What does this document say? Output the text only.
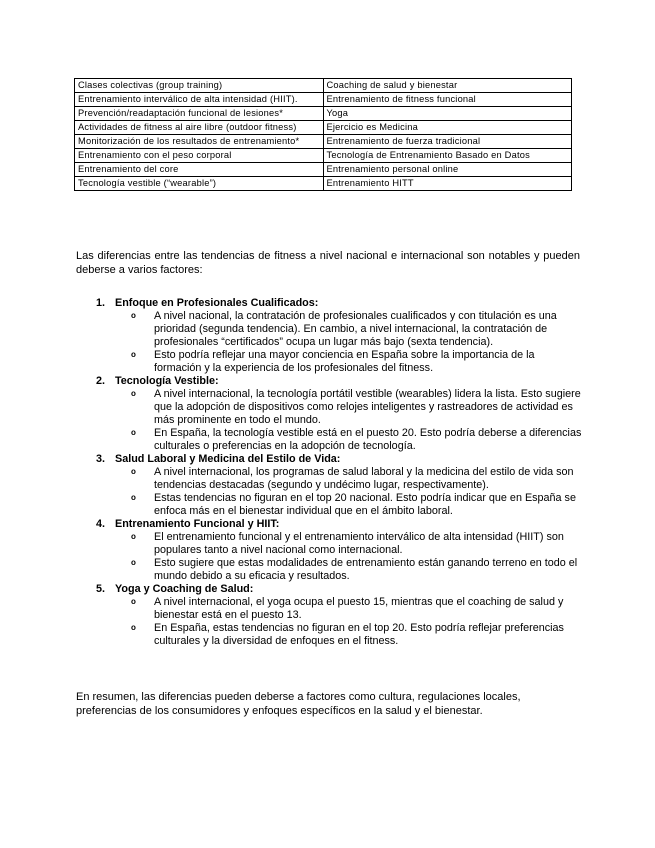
Clases colectivas (group training)	Coaching de salud y bienestar
Entrenamiento interválico de alta intensidad (HIIT).	Entrenamiento de fitness funcional
Prevención/readaptación funcional de lesiones*	Yoga
Actividades de fitness al aire libre (outdoor fitness)	Ejercicio es Medicina
Monitorización de los resultados de entrenamiento*	Entrenamiento de fuerza tradicional
Entrenamiento con el peso corporal	Tecnología de Entrenamiento Basado en Datos
Entrenamiento del core	Entrenamiento personal online
Tecnología vestible (“wearable”)	Entrenamiento HITT

Las diferencias entre las tendencias de fitness a nivel nacional e internacional son notables y pueden deberse a varios factores:

1. Enfoque en Profesionales Cualificados:
o A nivel nacional, la contratación de profesionales cualificados y con titulación es una prioridad (segunda tendencia). En cambio, a nivel internacional, la contratación de profesionales “certificados” ocupa un lugar más bajo (sexta tendencia).
o Esto podría reflejar una mayor conciencia en España sobre la importancia de la formación y la experiencia de los profesionales del fitness.
2. Tecnología Vestible:
o A nivel internacional, la tecnología portátil vestible (wearables) lidera la lista. Esto sugiere que la adopción de dispositivos como relojes inteligentes y rastreadores de actividad es más prominente en todo el mundo.
o En España, la tecnología vestible está en el puesto 20. Esto podría deberse a diferencias culturales o preferencias en la adopción de tecnología.
3. Salud Laboral y Medicina del Estilo de Vida:
o A nivel internacional, los programas de salud laboral y la medicina del estilo de vida son tendencias destacadas (segundo y undécimo lugar, respectivamente).
o Estas tendencias no figuran en el top 20 nacional. Esto podría indicar que en España se enfoca más en el bienestar individual que en el ámbito laboral.
4. Entrenamiento Funcional y HIIT:
o El entrenamiento funcional y el entrenamiento interválico de alta intensidad (HIIT) son populares tanto a nivel nacional como internacional.
o Esto sugiere que estas modalidades de entrenamiento están ganando terreno en todo el mundo debido a su eficacia y resultados.
5. Yoga y Coaching de Salud:
o A nivel internacional, el yoga ocupa el puesto 15, mientras que el coaching de salud y bienestar está en el puesto 13.
o En España, estas tendencias no figuran en el top 20. Esto podría reflejar preferencias culturales y la diversidad de enfoques en el fitness.

En resumen, las diferencias pueden deberse a factores como cultura, regulaciones locales, preferencias de los consumidores y enfoques específicos en la salud y el bienestar.
